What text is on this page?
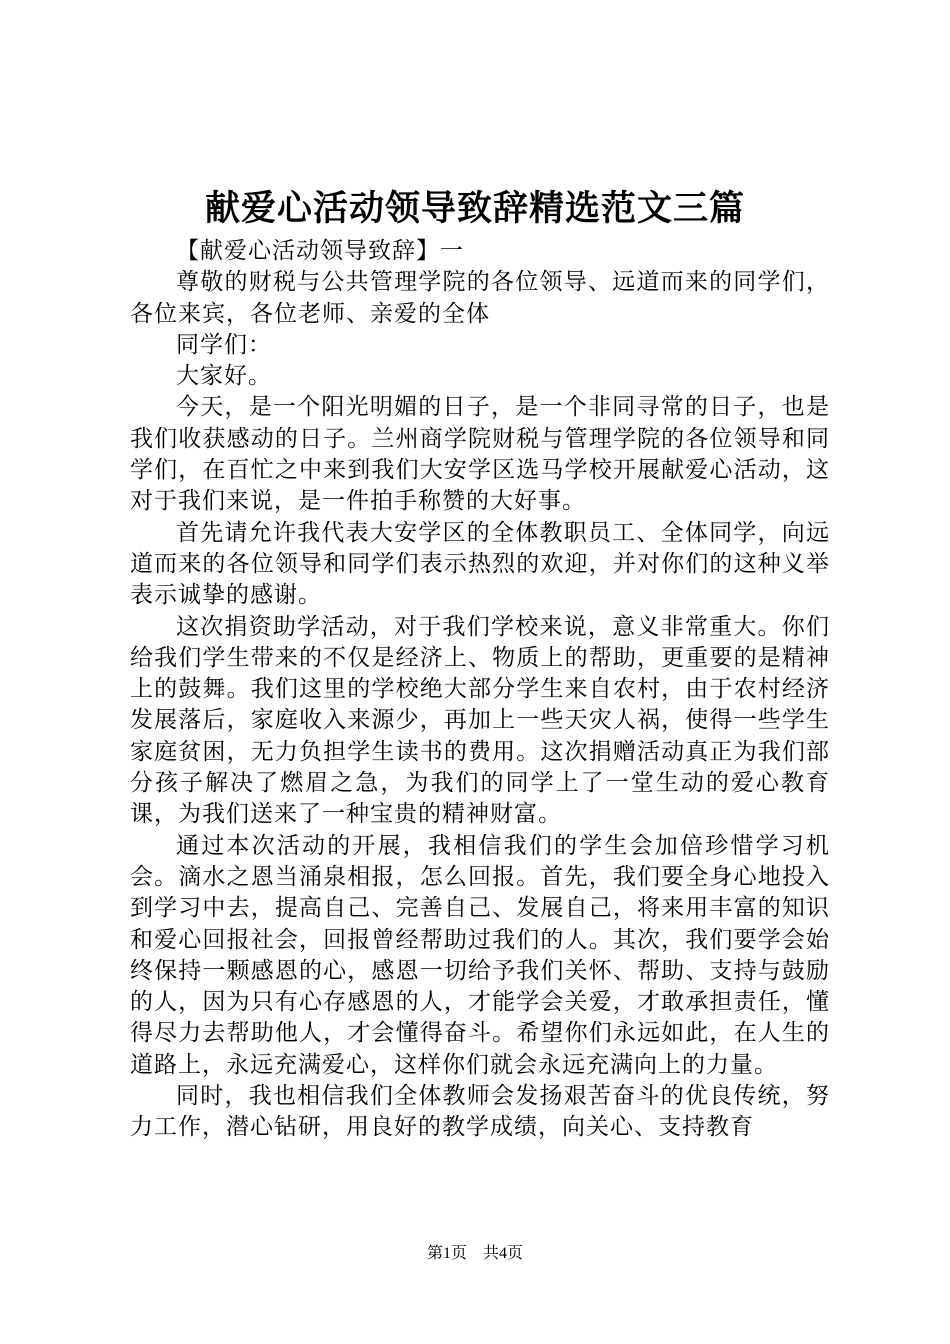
献爱心活动领导致辞精选范文三篇

【献爱心活动领导致辞】一

尊敬的财税与公共管理学院的各位领导、远道而来的同学们，各位来宾，各位老师、亲爱的全体

同学们：

大家好。

今天，是一个阳光明媚的日子，是一个非同寻常的日子，也是我们收获感动的日子。兰州商学院财税与管理学院的各位领导和同学们，在百忙之中来到我们大安学区选马学校开展献爱心活动，这对于我们来说，是一件拍手称赞的大好事。

首先请允许我代表大安学区的全体教职员工、全体同学，向远道而来的各位领导和同学们表示热烈的欢迎，并对你们的这种义举表示诚挚的感谢。

这次捐资助学活动，对于我们学校来说，意义非常重大。你们给我们学生带来的不仅是经济上、物质上的帮助，更重要的是精神上的鼓舞。我们这里的学校绝大部分学生来自农村，由于农村经济发展落后，家庭收入来源少，再加上一些天灾人祸，使得一些学生家庭贫困，无力负担学生读书的费用。这次捐赠活动真正为我们部分孩子解决了燃眉之急，为我们的同学上了一堂生动的爱心教育课，为我们送来了一种宝贵的精神财富。

通过本次活动的开展，我相信我们的学生会加倍珍惜学习机会。滴水之恩当涌泉相报，怎么回报。首先，我们要全身心地投入到学习中去，提高自己、完善自己、发展自己，将来用丰富的知识和爱心回报社会，回报曾经帮助过我们的人。其次，我们要学会始终保持一颗感恩的心，感恩一切给予我们关怀、帮助、支持与鼓励的人，因为只有心存感恩的人，才能学会关爱，才敢承担责任，懂得尽力去帮助他人，才会懂得奋斗。希望你们永远如此，在人生的道路上，永远充满爱心，这样你们就会永远充满向上的力量。

同时，我也相信我们全体教师会发扬艰苦奋斗的优良传统，努力工作，潜心钻研，用良好的教学成绩，向关心、支持教育

第1页 共4页
